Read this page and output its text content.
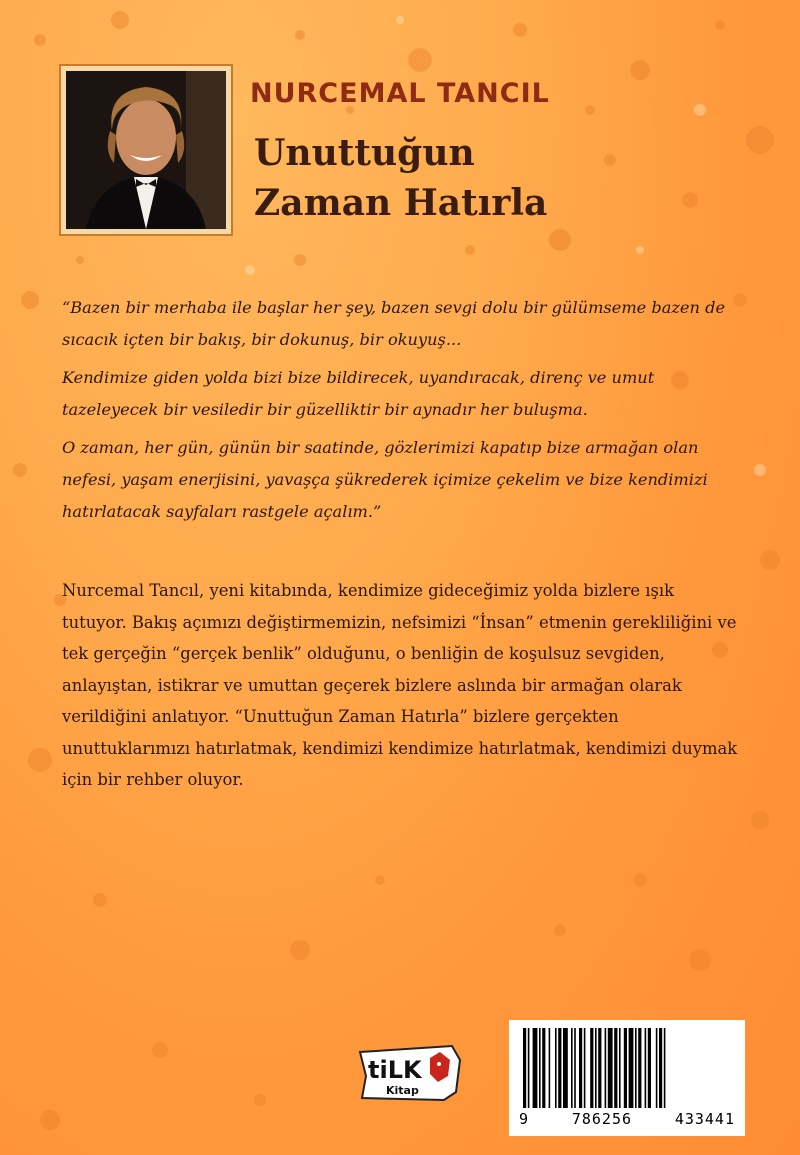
NURCEMAL TANCIL
Unuttuğun
Zaman Hatırla

“Bazen bir merhaba ile başlar her şey, bazen sevgi dolu bir gülümseme bazen de sıcacık içten bir bakış, bir dokunuş, bir okuyuş...

Kendimize giden yolda bizi bize bildirecek, uyandıracak, direnç ve umut tazeleyecek bir vesiledir bir güzelliktir bir aynadır her buluşma.

O zaman, her gün, günün bir saatinde, gözlerimizi kapatıp bize armağan olan nefesi, yaşam enerjisini, yavaşça şükrederek içimize çekelim ve bize kendimizi hatırlatacak sayfaları rastgele açalım.”

Nurcemal Tancıl, yeni kitabında, kendimize gideceğimiz yolda bizlere ışık tutuyor. Bakış açımızı değiştirmemizin, nefsimizi “İnsan” etmenin gerekliliğini ve tek gerçeğin “gerçek benlik” olduğunu, o benliğin de koşulsuz sevgiden, anlayıştan, istikrar ve umuttan geçerek bizlere aslında bir armağan olarak verildiğini anlatıyor. “Unuttuğun Zaman Hatırla” bizlere gerçekten unuttuklarımızı hatırlatmak, kendimizi kendimize hatırlatmak, kendimizi duymak için bir rehber oluyor.

tiLK
Kitap
9	786256	433441
